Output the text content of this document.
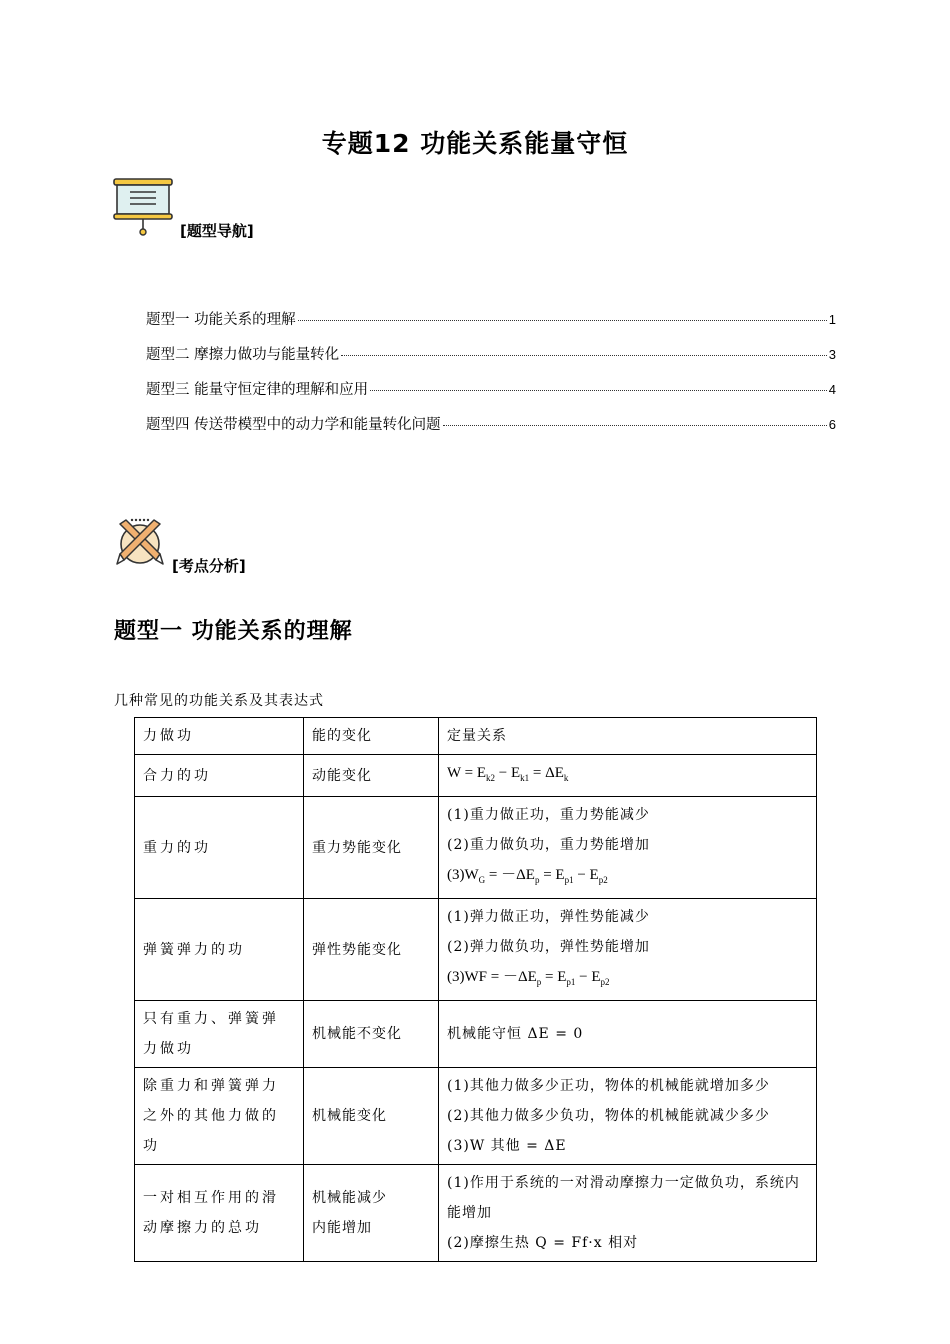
专题12 功能关系能量守恒
[题型导航]
题型一 功能关系的理解	1
题型二 摩擦力做功与能量转化	3
题型三 能量守恒定律的理解和应用	4
题型四 传送带模型中的动力学和能量转化问题	6
[考点分析]
题型一 功能关系的理解
几种常见的功能关系及其表达式
力做功	能的变化	定量关系
合力的功	动能变化	$W = E_{k2} - E_{k1} = \Delta E_k$

重力的功	重力势能变化	(1)重力做正功，重力势能减少
(2)重力做负功，重力势能增加
$(3)W_G = -\Delta E_p = E_{p1} - E_{p2}$

弹簧弹力的功	弹性势能变化	(1)弹力做正功，弹性势能减少
(2)弹力做负功，弹性势能增加
$(3)WF = -\Delta E_p = E_{p1} - E_{p2}$

只有重力、弹簧弹力做功	机械能不变化	机械能守恒 ΔE = 0

除重力和弹簧弹力之外的其他力做的功	机械能变化	(1)其他力做多少正功，物体的机械能就增加多少
(2)其他力做多少负功，物体的机械能就减少多少
(3)W 其他 = ΔE

一对相互作用的滑动摩擦力的总功	机械能减少
内能增加	(1)作用于系统的一对滑动摩擦力一定做负功，系统内能增加
(2)摩擦生热 Q = Ff·x 相对
